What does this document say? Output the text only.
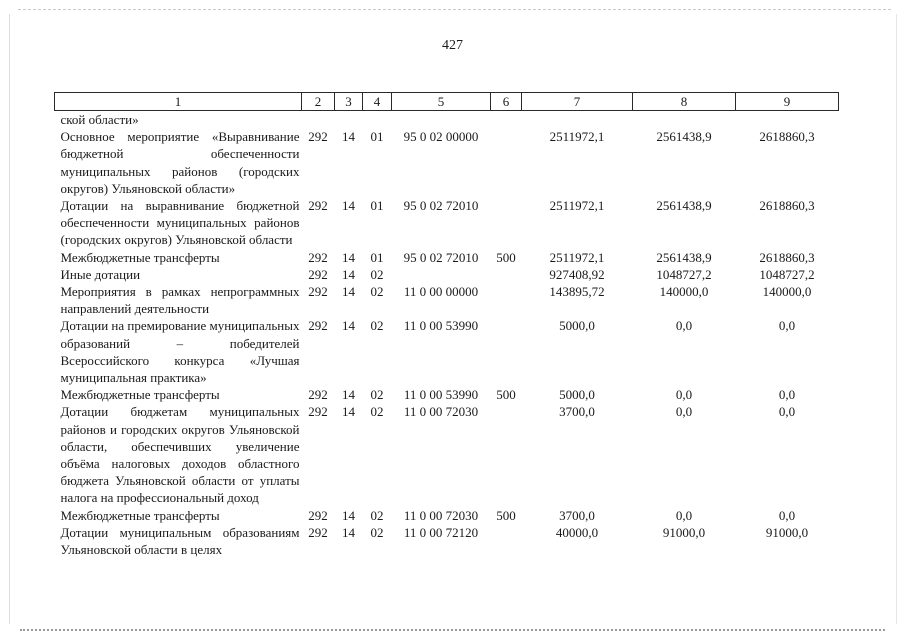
427
1	2	3	4	5	6	7	8	9
ской области»								
Основное мероприятие «Выравнивание бюджетной обеспеченности муниципальных районов (городских округов) Ульяновской области»	292	14	01	95 0 02 00000		2511972,1	2561438,9	2618860,3
Дотации на выравнивание бюджетной обеспеченности муниципальных районов (городских округов) Ульяновской области	292	14	01	95 0 02 72010		2511972,1	2561438,9	2618860,3
Межбюджетные трансферты	292	14	01	95 0 02 72010	500	2511972,1	2561438,9	2618860,3
Иные дотации	292	14	02			927408,92	1048727,2	1048727,2
Мероприятия в рамках непрограммных направлений деятельности	292	14	02	11 0 00 00000		143895,72	140000,0	140000,0
Дотации на премирование муниципальных образований – победителей Всероссийского конкурса «Лучшая муниципальная практика»	292	14	02	11 0 00 53990		5000,0	0,0	0,0
Межбюджетные трансферты	292	14	02	11 0 00 53990	500	5000,0	0,0	0,0
Дотации бюджетам муниципальных районов и городских округов Ульяновской области, обеспечивших увеличение объёма налоговых доходов областного бюджета Ульяновской области от уплаты налога на профессиональный доход	292	14	02	11 0 00 72030		3700,0	0,0	0,0
Межбюджетные трансферты	292	14	02	11 0 00 72030	500	3700,0	0,0	0,0
Дотации муниципальным образованиям Ульяновской области в целях	292	14	02	11 0 00 72120		40000,0	91000,0	91000,0
